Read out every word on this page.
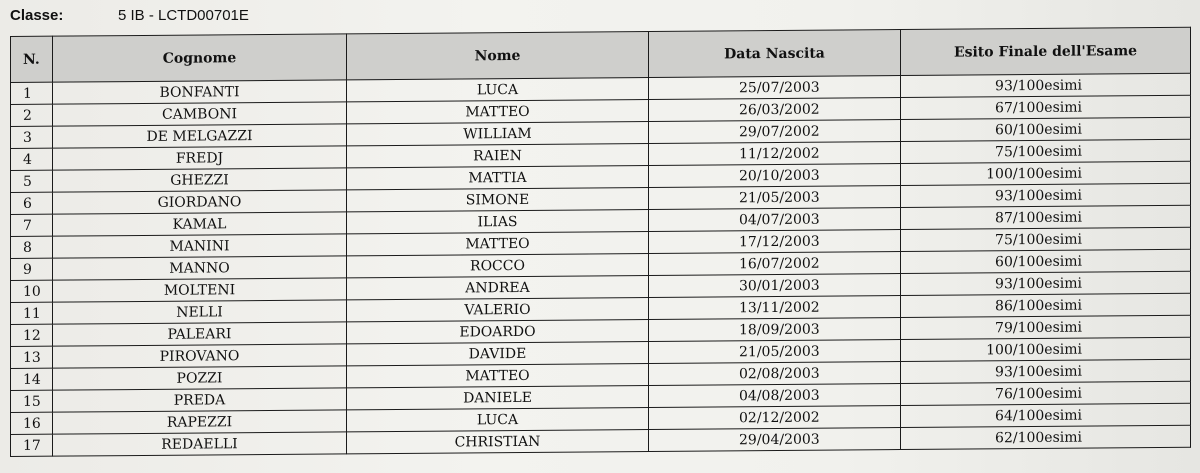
Classe:	5 IB - LCTD00701E
N.	Cognome	Nome	Data Nascita	Esito Finale dell'Esame
1	BONFANTI	LUCA	25/07/2003	93/100esimi
2	CAMBONI	MATTEO	26/03/2002	67/100esimi
3	DE MELGAZZI	WILLIAM	29/07/2002	60/100esimi
4	FREDJ	RAIEN	11/12/2002	75/100esimi
5	GHEZZI	MATTIA	20/10/2003	100/100esimi
6	GIORDANO	SIMONE	21/05/2003	93/100esimi
7	KAMAL	ILIAS	04/07/2003	87/100esimi
8	MANINI	MATTEO	17/12/2003	75/100esimi
9	MANNO	ROCCO	16/07/2002	60/100esimi
10	MOLTENI	ANDREA	30/01/2003	93/100esimi
11	NELLI	VALERIO	13/11/2002	86/100esimi
12	PALEARI	EDOARDO	18/09/2003	79/100esimi
13	PIROVANO	DAVIDE	21/05/2003	100/100esimi
14	POZZI	MATTEO	02/08/2003	93/100esimi
15	PREDA	DANIELE	04/08/2003	76/100esimi
16	RAPEZZI	LUCA	02/12/2002	64/100esimi
17	REDAELLI	CHRISTIAN	29/04/2003	62/100esimi
